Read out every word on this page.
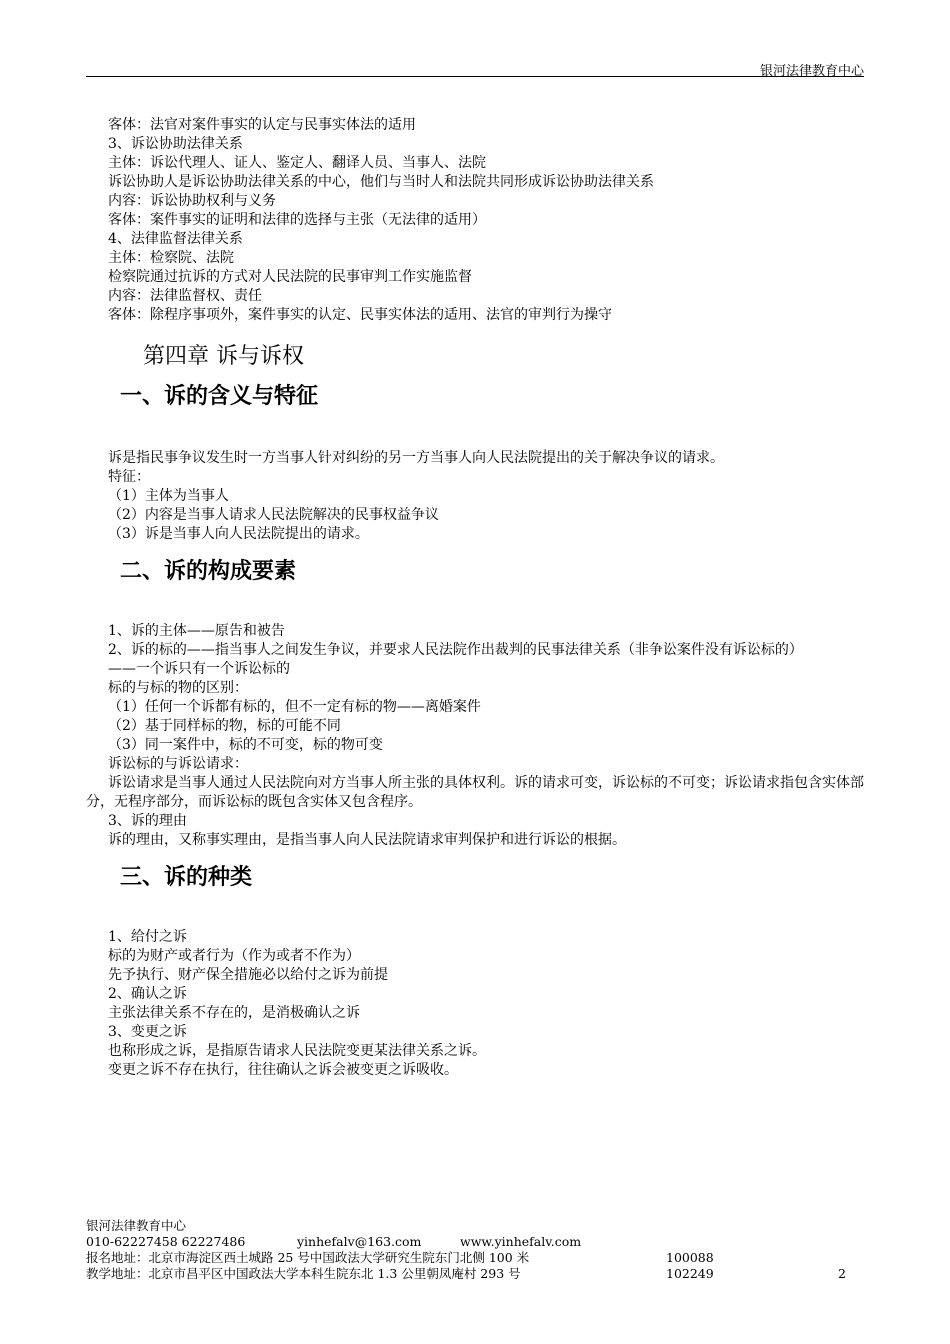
银河法律教育中心
客体：法官对案件事实的认定与民事实体法的适用
3、诉讼协助法律关系
主体：诉讼代理人、证人、鉴定人、翻译人员、当事人、法院
诉讼协助人是诉讼协助法律关系的中心，他们与当时人和法院共同形成诉讼协助法律关系
内容：诉讼协助权利与义务
客体：案件事实的证明和法律的选择与主张（无法律的适用）
4、法律监督法律关系
主体：检察院、法院
检察院通过抗诉的方式对人民法院的民事审判工作实施监督
内容：法律监督权、责任
客体：除程序事项外，案件事实的认定、民事实体法的适用、法官的审判行为操守
第四章 诉与诉权
一、诉的含义与特征
诉是指民事争议发生时一方当事人针对纠纷的另一方当事人向人民法院提出的关于解决争议的请求。
特征：
（1）主体为当事人
（2）内容是当事人请求人民法院解决的民事权益争议
（3）诉是当事人向人民法院提出的请求。
二、诉的构成要素
1、诉的主体——原告和被告
2、诉的标的——指当事人之间发生争议，并要求人民法院作出裁判的民事法律关系（非争讼案件没有诉讼标的）
——一个诉只有一个诉讼标的
标的与标的物的区别：
（1）任何一个诉都有标的，但不一定有标的物——离婚案件
（2）基于同样标的物，标的可能不同
（3）同一案件中，标的不可变，标的物可变
诉讼标的与诉讼请求：
诉讼请求是当事人通过人民法院向对方当事人所主张的具体权利。诉的请求可变，诉讼标的不可变；诉讼请求指包含实体部分，无程序部分，而诉讼标的既包含实体又包含程序。
3、诉的理由
诉的理由，又称事实理由，是指当事人向人民法院请求审判保护和进行诉讼的根据。
三、诉的种类
1、给付之诉
标的为财产或者行为（作为或者不作为）
先予执行、财产保全措施必以给付之诉为前提
2、确认之诉
主张法律关系不存在的，是消极确认之诉
3、变更之诉
也称形成之诉，是指原告请求人民法院变更某法律关系之诉。
变更之诉不存在执行，往往确认之诉会被变更之诉吸收。
银河法律教育中心
010-62227458 62227486	yinhefalv@163.com	www.yinhefalv.com
报名地址：北京市海淀区西土城路 25 号中国政法大学研究生院东门北侧 100 米	100088
教学地址：北京市昌平区中国政法大学本科生院东北 1.3 公里朝凤庵村 293 号	102249	2
